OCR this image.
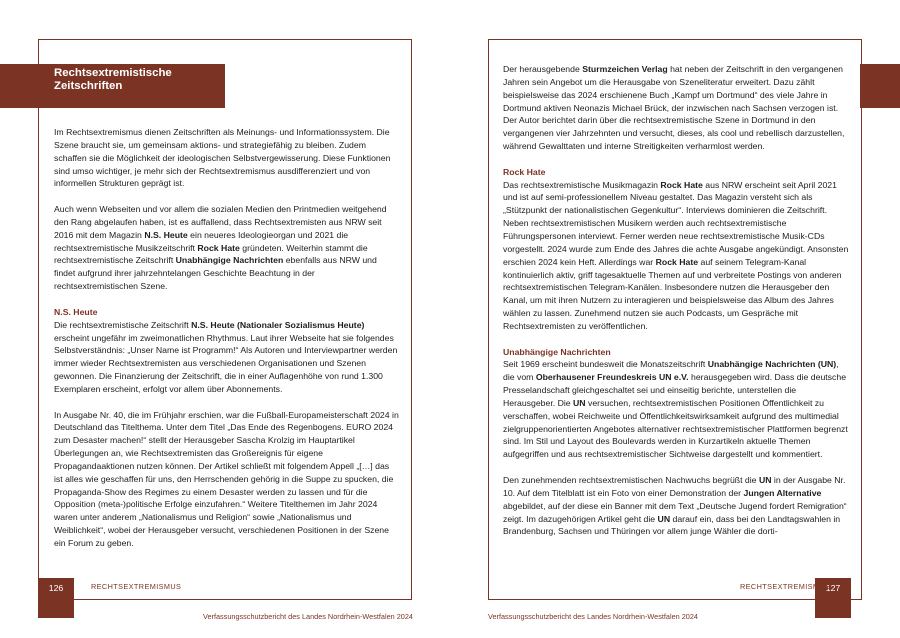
Rechtsextremistische
Zeitschriften

Im Rechtsextremismus dienen Zeitschriften als Meinungs- und Informationssystem. Die Szene braucht sie, um gemeinsam aktions- und strategiefähig zu bleiben. Zudem schaffen sie die Möglichkeit der ideologischen Selbstvergewisserung. Diese Funktionen sind umso wichtiger, je mehr sich der Rechtsextremismus ausdifferenziert und von informellen Strukturen geprägt ist.

Auch wenn Webseiten und vor allem die sozialen Medien den Printmedien weitgehend den Rang abgelaufen haben, ist es auffallend, dass Rechtsextremisten aus NRW seit 2016 mit dem Magazin N.S. Heute ein neueres Ideologieorgan und 2021 die rechtsextremistische Musikzeitschrift Rock Hate gründeten. Weiterhin stammt die rechtsextremistische Zeitschrift Unabhängige Nachrichten ebenfalls aus NRW und findet aufgrund ihrer jahrzehntelangen Geschichte Beachtung in der rechtsextremistischen Szene.

N.S. Heute

Die rechtsextremistische Zeitschrift N.S. Heute (Nationaler Sozialismus Heute) erscheint ungefähr im zweimonatlichen Rhythmus. Laut ihrer Webseite hat sie folgendes Selbstverständnis: „Unser Name ist Programm!“ Als Autoren und Interviewpartner werden immer wieder Rechtsextremisten aus verschiedenen Organisationen und Szenen gewonnen. Die Finanzierung der Zeitschrift, die in einer Auflagenhöhe von rund 1.300 Exemplaren erscheint, erfolgt vor allem über Abonnements.

In Ausgabe Nr. 40, die im Frühjahr erschien, war die Fußball-Europameisterschaft 2024 in Deutschland das Titelthema. Unter dem Titel „Das Ende des Regenbogens. EURO 2024 zum Desaster machen!“ stellt der Herausgeber Sascha Krolzig im Hauptartikel Überlegungen an, wie Rechtsextremisten das Großereignis für eigene Propagandaaktionen nutzen können. Der Artikel schließt mit folgendem Appell „[…] das ist alles wie geschaffen für uns, den Herrschenden gehörig in die Suppe zu spucken, die Propaganda-Show des Regimes zu einem Desaster werden zu lassen und für die Opposition (meta-)politische Erfolge einzufahren.“ Weitere Titelthemen im Jahr 2024 waren unter anderem „Nationalismus und Religion“ sowie „Nationalismus und Weiblichkeit“, wobei der Herausgeber versucht, verschiedenen Positionen in der Szene ein Forum zu geben.

126	RECHTSEXTREMISMUS
Verfassungsschutzbericht des Landes Nordrhein-Westfalen 2024

Der herausgebende Sturmzeichen Verlag hat neben der Zeitschrift in den vergangenen Jahren sein Angebot um die Herausgabe von Szeneliteratur erweitert. Dazu zählt beispielsweise das 2024 erschienene Buch „Kampf um Dortmund“ des viele Jahre in Dortmund aktiven Neonazis Michael Brück, der inzwischen nach Sachsen verzogen ist. Der Autor berichtet darin über die rechtsextremistische Szene in Dortmund in den vergangenen vier Jahrzehnten und versucht, dieses, als cool und rebellisch darzustellen, während Gewalttaten und interne Streitigkeiten verharmlost werden.

Rock Hate

Das rechtsextremistische Musikmagazin Rock Hate aus NRW erscheint seit April 2021 und ist auf semi-professionellem Niveau gestaltet. Das Magazin versteht sich als „Stützpunkt der nationalistischen Gegenkultur“. Interviews dominieren die Zeitschrift. Neben rechtsextremistischen Musikern werden auch rechtsextremistische Führungspersonen interviewt. Ferner werden neue rechtsextremistische Musik-CDs vorgestellt. 2024 wurde zum Ende des Jahres die achte Ausgabe angekündigt. Ansonsten erschien 2024 kein Heft. Allerdings war Rock Hate auf seinem Telegram-Kanal kontinuierlich aktiv, griff tagesaktuelle Themen auf und verbreitete Postings von anderen rechtsextremistischen Telegram-Kanälen. Insbesondere nutzen die Herausgeber den Kanal, um mit ihren Nutzern zu interagieren und beispielsweise das Album des Jahres wählen zu lassen. Zunehmend nutzen sie auch Podcasts, um Gespräche mit Rechtsextremisten zu veröffentlichen.

Unabhängige Nachrichten

Seit 1969 erscheint bundesweit die Monatszeitschrift Unabhängige Nachrichten (UN), die vom Oberhausener Freundeskreis UN e.V. herausgegeben wird. Dass die deutsche Presselandschaft gleichgeschaltet sei und einseitig berichte, unterstellen die Herausgeber. Die UN versuchen, rechtsextremistischen Positionen Öffentlichkeit zu verschaffen, wobei Reichweite und Öffentlichkeitswirksamkeit aufgrund des multimedial zielgruppenorientierten Angebotes alternativer rechtsextremistischer Plattformen begrenzt sind. Im Stil und Layout des Boulevards werden in Kurzartikeln aktuelle Themen aufgegriffen und aus rechtsextremistischer Sichtweise dargestellt und kommentiert.

Den zunehmenden rechtsextremistischen Nachwuchs begrüßt die UN in der Ausgabe Nr. 10. Auf dem Titelblatt ist ein Foto von einer Demonstration der Jungen Alternative abgebildet, auf der diese ein Banner mit dem Text „Deutsche Jugend fordert Remigration“ zeigt. Im dazugehörigen Artikel geht die UN darauf ein, dass bei den Landtagswahlen in Brandenburg, Sachsen und Thüringen vor allem junge Wähler die dorti-

127
RECHTSEXTREMISMUS
Verfassungsschutzbericht des Landes Nordrhein-Westfalen 2024
